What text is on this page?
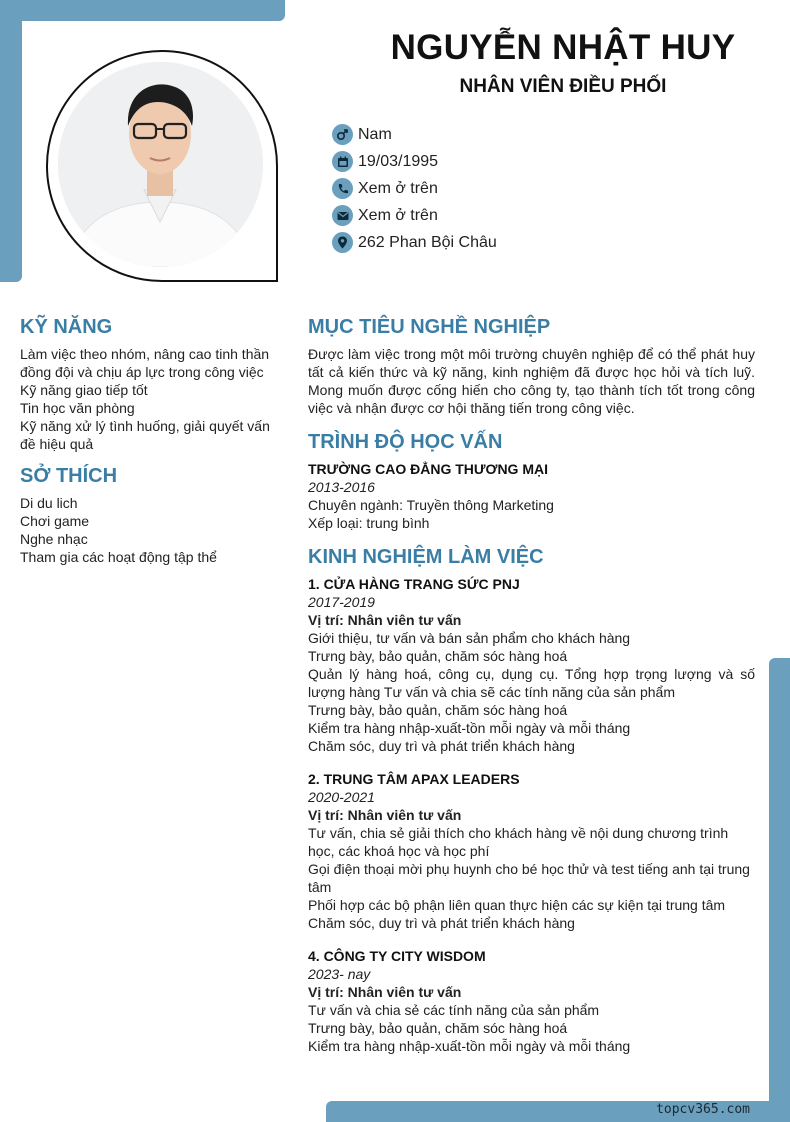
NGUYỄN NHẬT HUY
NHÂN VIÊN ĐIỀU PHỐI
Nam
19/03/1995
Xem ở trên
Xem ở trên
262 Phan Bội Châu
KỸ NĂNG
Làm việc theo nhóm, nâng cao tinh thần đồng đội và chịu áp lực trong công việc
Kỹ năng giao tiếp tốt
Tin học văn phòng
Kỹ năng xử lý tình huống, giải quyết vấn đề hiệu quả
SỞ THÍCH
Di du lich
Chơi game
Nghe nhạc
Tham gia các hoạt động tập thể
MỤC TIÊU NGHỀ NGHIỆP
Được làm việc trong một môi trường chuyên nghiệp để có thể phát huy tất cả kiến thức và kỹ năng, kinh nghiệm đã được học hỏi và tích luỹ. Mong muốn được cống hiến cho công ty, tạo thành tích tốt trong công việc và nhận được cơ hội thăng tiến trong công việc.
TRÌNH ĐỘ HỌC VẤN
TRƯỜNG CAO ĐẲNG THƯƠNG MẠI
2013-2016
Chuyên ngành: Truyền thông Marketing
Xếp loại: trung bình
KINH NGHIỆM LÀM VIỆC
1. CỬA HÀNG TRANG SỨC PNJ
2017-2019
Vị trí: Nhân viên tư vấn
Giới thiệu, tư vấn và bán sản phẩm cho khách hàng
Trưng bày, bảo quản, chăm sóc hàng hoá
Quản lý hàng hoá, công cụ, dụng cụ. Tổng hợp trọng lượng và số lượng hàng Tư vấn và chia sẽ các tính năng của sản phẩm
Trưng bày, bảo quản, chăm sóc hàng hoá
Kiểm tra hàng nhập-xuất-tồn mỗi ngày và mỗi tháng
Chăm sóc, duy trì và phát triển khách hàng
2. TRUNG TÂM APAX LEADERS
2020-2021
Vị trí: Nhân viên tư vấn
Tư vấn, chia sẻ giải thích cho khách hàng về nội dung chương trình học, các khoá học và học phí
Gọi điện thoại mời phụ huynh cho bé học thử và test tiếng anh tại trung tâm
Phối hợp các bộ phận liên quan thực hiện các sự kiện tại trung tâm
Chăm sóc, duy trì và phát triển khách hàng
4. CÔNG TY CITY WISDOM
2023- nay
Vị trí: Nhân viên tư vấn
Tư vấn và chia sẻ các tính năng của sản phẩm
Trưng bày, bảo quản, chăm sóc hàng hoá
Kiểm tra hàng nhập-xuất-tồn mỗi ngày và mỗi tháng
topcv365.com
